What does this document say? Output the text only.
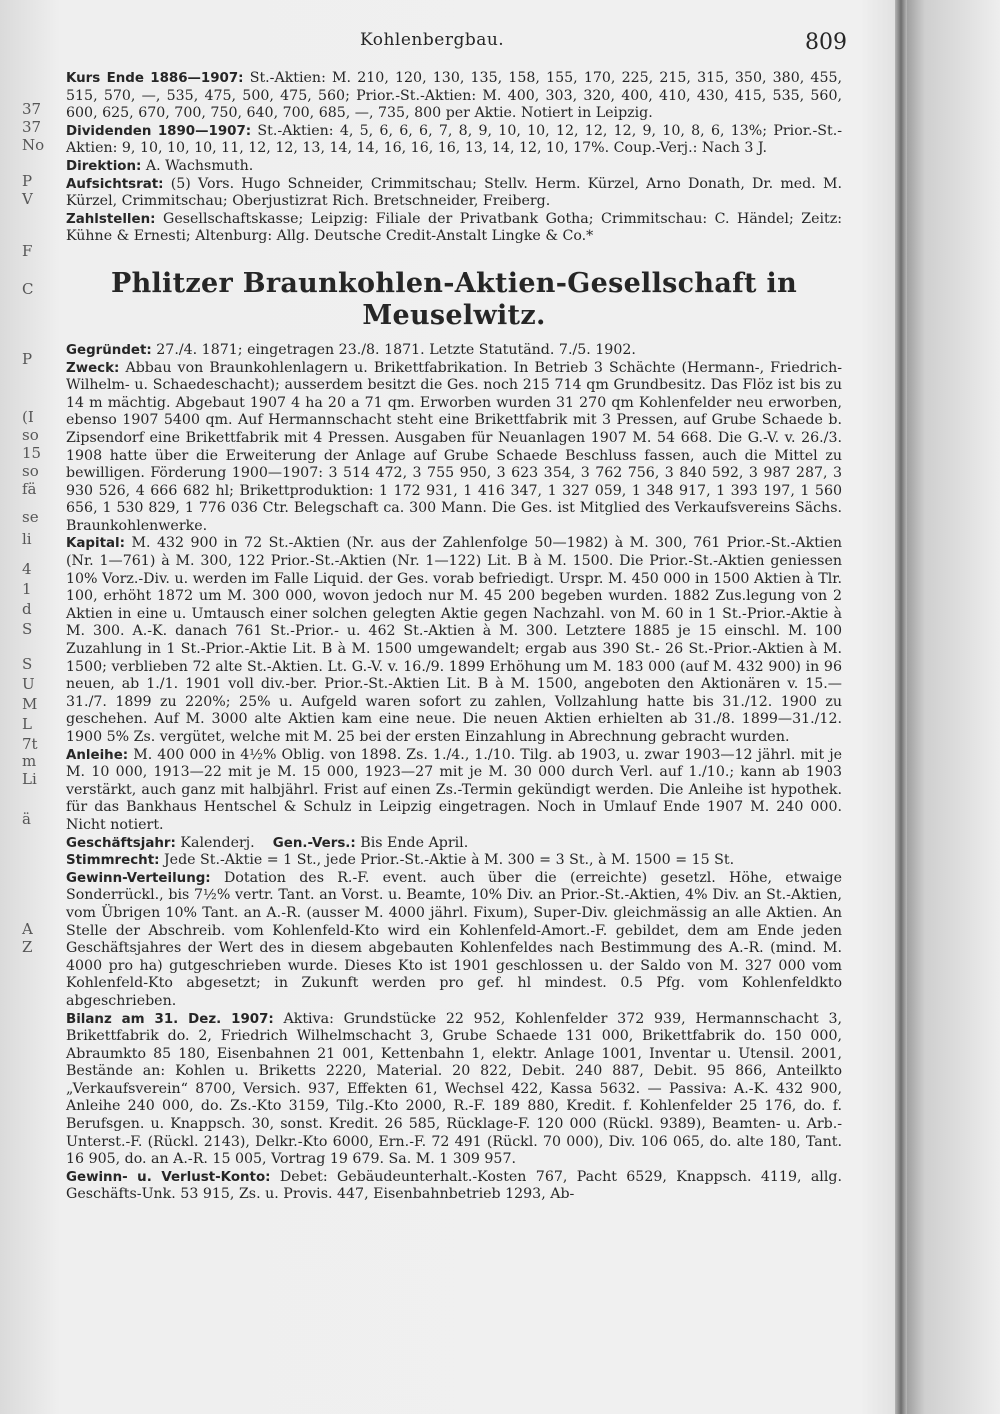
37
37
No
P
V
F
C
P
(I
so
15
so
fä
se
li
4
1
d
S
S
U
M
L
7t
m
Li
ä
A
Z
Kohlenbergbau.	809

Kurs Ende 1886—1907: St.-Aktien: M. 210, 120, 130, 135, 158, 155, 170, 225, 215, 315, 350, 380, 455, 515, 570, —, 535, 475, 500, 475, 560; Prior.-St.-Aktien: M. 400, 303, 320, 400, 410, 430, 415, 535, 560, 600, 625, 670, 700, 750, 640, 700, 685, —, 735, 800 per Aktie. Notiert in Leipzig.

Dividenden 1890—1907: St.-Aktien: 4, 5, 6, 6, 6, 7, 8, 9, 10, 10, 12, 12, 12, 9, 10, 8, 6, 13%; Prior.-St.-Aktien: 9, 10, 10, 10, 11, 12, 12, 13, 14, 14, 16, 16, 16, 13, 14, 12, 10, 17%. Coup.-Verj.: Nach 3 J.

Direktion: A. Wachsmuth.

Aufsichtsrat: (5) Vors. Hugo Schneider, Crimmitschau; Stellv. Herm. Kürzel, Arno Donath, Dr. med. M. Kürzel, Crimmitschau; Oberjustizrat Rich. Bretschneider, Freiberg.

Zahlstellen: Gesellschaftskasse; Leipzig: Filiale der Privatbank Gotha; Crimmitschau: C. Händel; Zeitz: Kühne & Ernesti; Altenburg: Allg. Deutsche Credit-Anstalt Lingke & Co.*

Phlitzer Braunkohlen-Aktien-Gesellschaft in Meuselwitz.

Gegründet: 27./4. 1871; eingetragen 23./8. 1871. Letzte Statutänd. 7./5. 1902.

Zweck: Abbau von Braunkohlenlagern u. Brikettfabrikation. In Betrieb 3 Schächte (Hermann-, Friedrich-Wilhelm- u. Schaedeschacht); ausserdem besitzt die Ges. noch 215 714 qm Grundbesitz. Das Flöz ist bis zu 14 m mächtig. Abgebaut 1907 4 ha 20 a 71 qm. Erworben wurden 31 270 qm Kohlenfelder neu erworben, ebenso 1907 5400 qm. Auf Hermannschacht steht eine Brikettfabrik mit 3 Pressen, auf Grube Schaede b. Zipsendorf eine Brikettfabrik mit 4 Pressen. Ausgaben für Neuanlagen 1907 M. 54 668. Die G.-V. v. 26./3. 1908 hatte über die Erweiterung der Anlage auf Grube Schaede Beschluss fassen, auch die Mittel zu bewilligen. Förderung 1900—1907: 3 514 472, 3 755 950, 3 623 354, 3 762 756, 3 840 592, 3 987 287, 3 930 526, 4 666 682 hl; Brikettproduktion: 1 172 931, 1 416 347, 1 327 059, 1 348 917, 1 393 197, 1 560 656, 1 530 829, 1 776 036 Ctr. Belegschaft ca. 300 Mann. Die Ges. ist Mitglied des Verkaufsvereins Sächs. Braunkohlenwerke.

Kapital: M. 432 900 in 72 St.-Aktien (Nr. aus der Zahlenfolge 50—1982) à M. 300, 761 Prior.-St.-Aktien (Nr. 1—761) à M. 300, 122 Prior.-St.-Aktien (Nr. 1—122) Lit. B à M. 1500. Die Prior.-St.-Aktien geniessen 10% Vorz.-Div. u. werden im Falle Liquid. der Ges. vorab befriedigt. Urspr. M. 450 000 in 1500 Aktien à Tlr. 100, erhöht 1872 um M. 300 000, wovon jedoch nur M. 45 200 begeben wurden. 1882 Zus.legung von 2 Aktien in eine u. Umtausch einer solchen gelegten Aktie gegen Nachzahl. von M. 60 in 1 St.-Prior.-Aktie à M. 300. A.-K. danach 761 St.-Prior.- u. 462 St.-Aktien à M. 300. Letztere 1885 je 15 einschl. M. 100 Zuzahlung in 1 St.-Prior.-Aktie Lit. B à M. 1500 umgewandelt; ergab aus 390 St.- 26 St.-Prior.-Aktien à M. 1500; verblieben 72 alte St.-Aktien. Lt. G.-V. v. 16./9. 1899 Erhöhung um M. 183 000 (auf M. 432 900) in 96 neuen, ab 1./1. 1901 voll div.-ber. Prior.-St.-Aktien Lit. B à M. 1500, angeboten den Aktionären v. 15.—31./7. 1899 zu 220%; 25% u. Aufgeld waren sofort zu zahlen, Vollzahlung hatte bis 31./12. 1900 zu geschehen. Auf M. 3000 alte Aktien kam eine neue. Die neuen Aktien erhielten ab 31./8. 1899—31./12. 1900 5% Zs. vergütet, welche mit M. 25 bei der ersten Einzahlung in Abrechnung gebracht wurden.

Anleihe: M. 400 000 in 4½% Oblig. von 1898. Zs. 1./4., 1./10. Tilg. ab 1903, u. zwar 1903—12 jährl. mit je M. 10 000, 1913—22 mit je M. 15 000, 1923—27 mit je M. 30 000 durch Verl. auf 1./10.; kann ab 1903 verstärkt, auch ganz mit halbjährl. Frist auf einen Zs.-Termin gekündigt werden. Die Anleihe ist hypothek. für das Bankhaus Hentschel & Schulz in Leipzig eingetragen. Noch in Umlauf Ende 1907 M. 240 000. Nicht notiert.

Geschäftsjahr: Kalenderj. Gen.-Vers.: Bis Ende April.

Stimmrecht: Jede St.-Aktie = 1 St., jede Prior.-St.-Aktie à M. 300 = 3 St., à M. 1500 = 15 St.

Gewinn-Verteilung: Dotation des R.-F. event. auch über die (erreichte) gesetzl. Höhe, etwaige Sonderrückl., bis 7½% vertr. Tant. an Vorst. u. Beamte, 10% Div. an Prior.-St.-Aktien, 4% Div. an St.-Aktien, vom Übrigen 10% Tant. an A.-R. (ausser M. 4000 jährl. Fixum), Super-Div. gleichmässig an alle Aktien. An Stelle der Abschreib. vom Kohlenfeld-Kto wird ein Kohlenfeld-Amort.-F. gebildet, dem am Ende jeden Geschäftsjahres der Wert des in diesem abgebauten Kohlenfeldes nach Bestimmung des A.-R. (mind. M. 4000 pro ha) gutgeschrieben wurde. Dieses Kto ist 1901 geschlossen u. der Saldo von M. 327 000 vom Kohlenfeld-Kto abgesetzt; in Zukunft werden pro gef. hl mindest. 0.5 Pfg. vom Kohlenfeldkto abgeschrieben.

Bilanz am 31. Dez. 1907: Aktiva: Grundstücke 22 952, Kohlenfelder 372 939, Hermannschacht 3, Brikettfabrik do. 2, Friedrich Wilhelmschacht 3, Grube Schaede 131 000, Brikettfabrik do. 150 000, Abraumkto 85 180, Eisenbahnen 21 001, Kettenbahn 1, elektr. Anlage 1001, Inventar u. Utensil. 2001, Bestände an: Kohlen u. Briketts 2220, Material. 20 822, Debit. 240 887, Debit. 95 866, Anteilkto „Verkaufsverein“ 8700, Versich. 937, Effekten 61, Wechsel 422, Kassa 5632. — Passiva: A.-K. 432 900, Anleihe 240 000, do. Zs.-Kto 3159, Tilg.-Kto 2000, R.-F. 189 880, Kredit. f. Kohlenfelder 25 176, do. f. Berufsgen. u. Knappsch. 30, sonst. Kredit. 26 585, Rücklage-F. 120 000 (Rückl. 9389), Beamten- u. Arb.-Unterst.-F. (Rückl. 2143), Delkr.-Kto 6000, Ern.-F. 72 491 (Rückl. 70 000), Div. 106 065, do. alte 180, Tant. 16 905, do. an A.-R. 15 005, Vortrag 19 679. Sa. M. 1 309 957.

Gewinn- u. Verlust-Konto: Debet: Gebäudeunterhalt.-Kosten 767, Pacht 6529, Knappsch. 4119, allg. Geschäfts-Unk. 53 915, Zs. u. Provis. 447, Eisenbahnbetrieb 1293, Ab-
